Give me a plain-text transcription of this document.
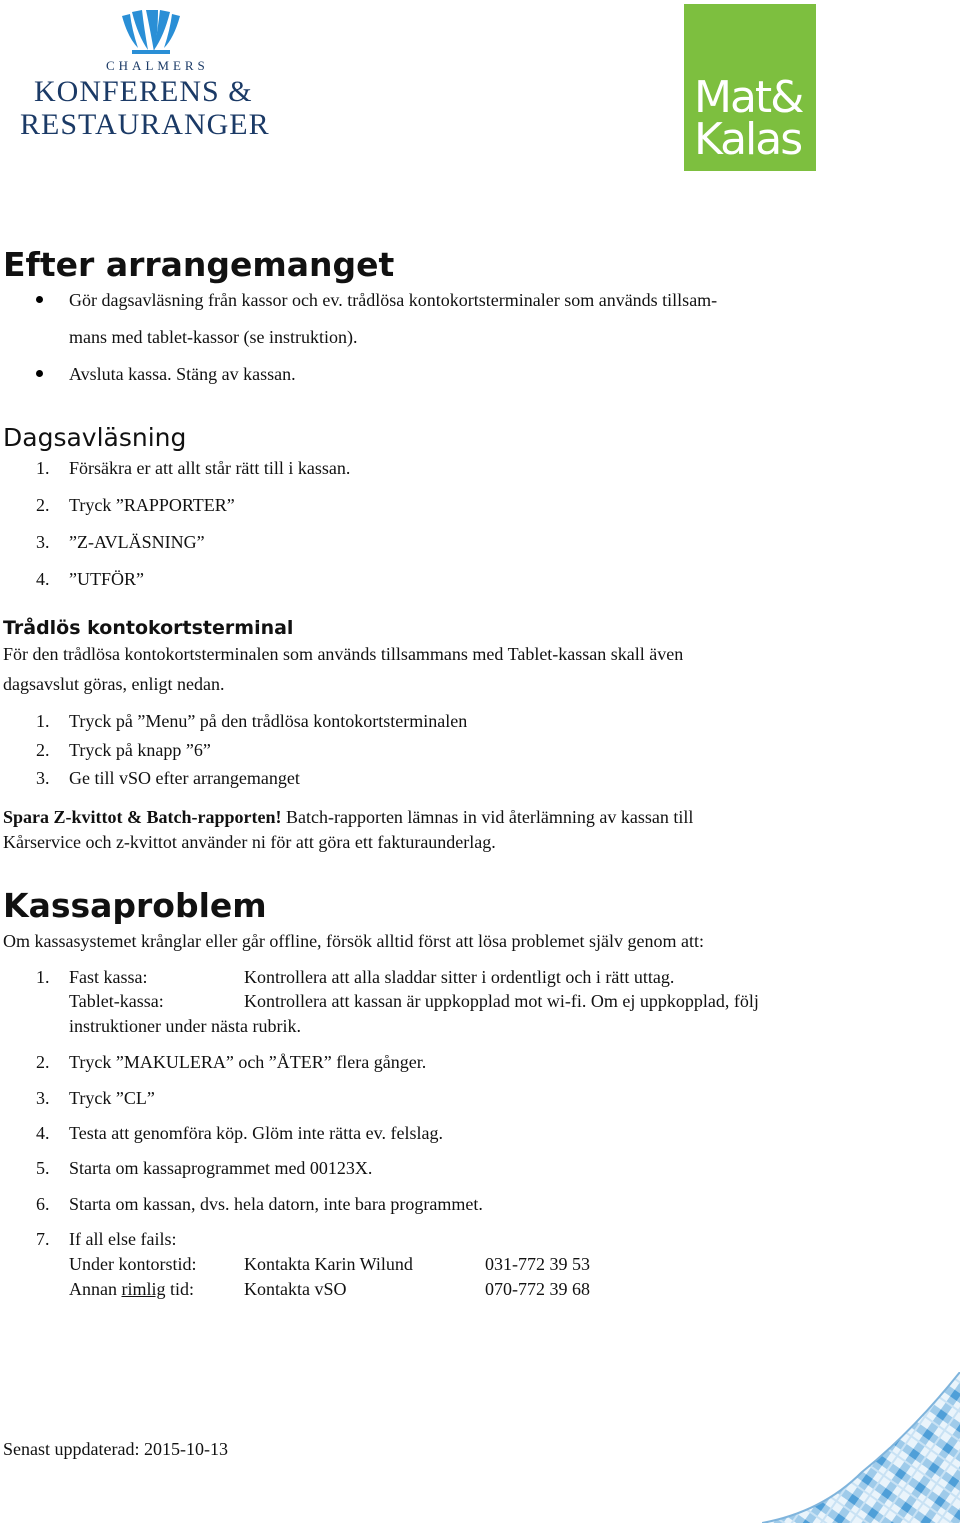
CHALMERS
KONFERENS &
RESTAURANGER
Mat&
Kalas
Efter arrangemanget
Gör dagsavläsning från kassor och ev. trådlösa kontokortsterminaler som används tillsam-
mans med tablet-kassor (se instruktion).
Avsluta kassa. Stäng av kassan.
Dagsavläsning
1. Försäkra er att allt står rätt till i kassan.
2. Tryck ”RAPPORTER”
3. ”Z-AVLÄSNING”
4. ”UTFÖR”
Trådlös kontokortsterminal
För den trådlösa kontokortsterminalen som används tillsammans med Tablet-kassan skall även
dagsavslut göras, enligt nedan.
1. Tryck på ”Menu” på den trådlösa kontokortsterminalen
2. Tryck på knapp ”6”
3. Ge till vSO efter arrangemanget
Spara Z-kvittot & Batch-rapporten! Batch-rapporten lämnas in vid återlämning av kassan till
Kårservice och z-kvittot använder ni för att göra ett fakturaunderlag.
Kassaproblem
Om kassasystemet krånglar eller går offline, försök alltid först att lösa problemet själv genom att:
1. Fast kassa:	Kontrollera att alla sladdar sitter i ordentligt och i rätt uttag.
Tablet-kassa:	Kontrollera att kassan är uppkopplad mot wi-fi. Om ej uppkopplad, följ
instruktioner under nästa rubrik.
2. Tryck ”MAKULERA” och ”ÅTER” flera gånger.
3. Tryck ”CL”
4. Testa att genomföra köp. Glöm inte rätta ev. felslag.
5. Starta om kassaprogrammet med 00123X.
6. Starta om kassan, dvs. hela datorn, inte bara programmet.
7. If all else fails:
Under kontorstid:	Kontakta Karin Wilund	031-772 39 53
Annan rimlig tid:	Kontakta vSO	070-772 39 68
Senast uppdaterad: 2015-10-13
